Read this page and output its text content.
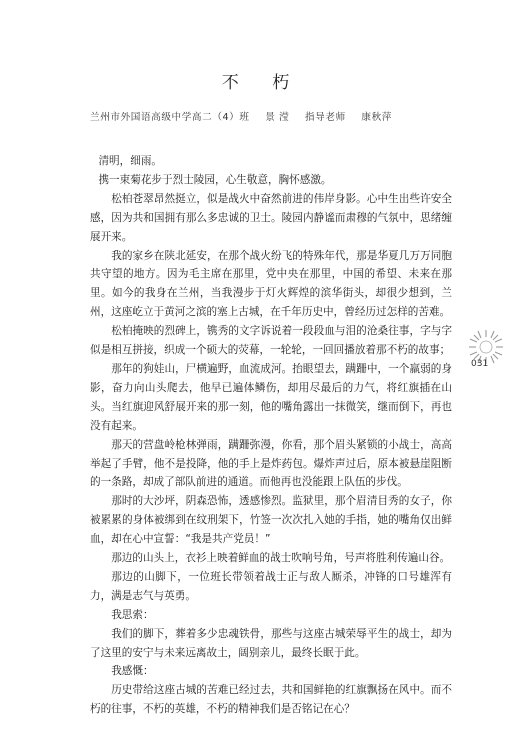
不 朽
兰州市外国语高级中学高二（4）班 景 滢 指导老师 康秋萍

清明，细雨。

携一束菊花步于烈士陵园，心生敬意，胸怀感激。

松柏苍翠昂然挺立，似是战火中奋然前进的伟岸身影。心中生出些许安全感，因为共和国拥有那么多忠诚的卫士。陵园内静谧而肃穆的气氛中，思绪缠展开来。

我的家乡在陕北延安，在那个战火纷飞的特殊年代，那是华夏几万万同胞共守望的地方。因为毛主席在那里，党中央在那里，中国的希望、未来在那里。如今的我身在兰州，当我漫步于灯火辉煌的滨华街头，却很少想到，兰州，这座屹立于黄河之滨的塞上古城，在千年历史中，曾经历过怎样的苦难。

松柏掩映的烈碑上，镌秀的文字诉说着一段段血与泪的沧桑往事，字与字似是相互拼接，织成一个硕大的荧幕，一轮轮，一回回播放着那不朽的故事；

那年的狗娃山，尸横遍野，血流成河。抬眼望去，蹒跚中，一个羸弱的身影，奋力向山头爬去，他早已遍体鳞伤，却用尽最后的力气，将红旗插在山头。当红旗迎风舒展开来的那一刻，他的嘴角露出一抹微笑，继而倒下，再也没有起来。

那天的营盘岭枪林弹雨，蹒跚弥漫，你看，那个眉头紧锁的小战士，高高举起了手臂，他不是投降，他的手上是炸药包。爆炸声过后，原本被悬崖阻断的一条路，却成了部队前进的通道。而他再也没能跟上队伍的步伐。

那时的大沙坪，阴森恐怖，透感惨烈。监狱里，那个眉清目秀的女子，你被累累的身体被绑到在纹刑架下，竹签一次次扎入她的手指，她的嘴角仅出鲜血，却在心中宣誓：“我是共产党员！”

那边的山头上，衣衫上映着鲜血的战士吹响号角，号声将胜利传遍山谷。

那边的山脚下，一位班长带领着战士正与敌人厮杀，冲锋的口号雄浑有力，满是志气与英勇。

我思索：

我们的脚下，葬着多少忠魂铁骨，那些与这座古城荣辱平生的战士，却为了这里的安宁与未来远离故土，阔别亲儿，最终长眠于此。

我感慨：

历史带给这座古城的苦难已经过去，共和国鲜艳的红旗飘扬在风中。而不朽的往事，不朽的英雄，不朽的精神我们是否铭记在心？

031
